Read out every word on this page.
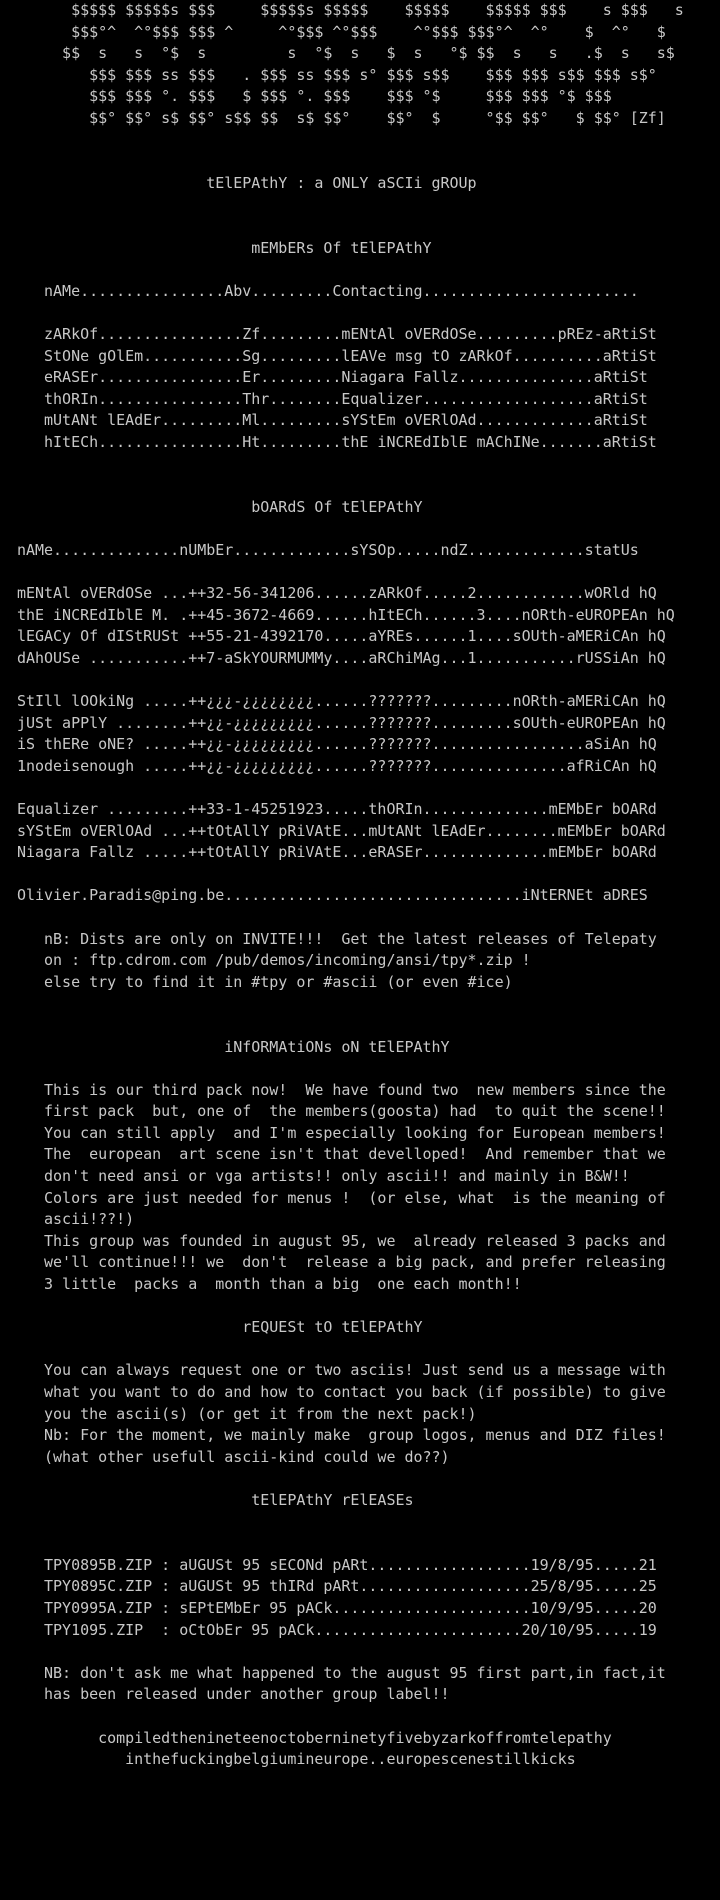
$$$$$ $$$$$s $$$     $$$$$s $$$$$    $$$$$    $$$$$ $$$    s $$$   s
$$$°^  ^°$$$ $$$ ^     ^°$$$ ^°$$$    ^°$$$ $$$°^  ^°    $  ^°   $
$$  s   s  °$  s         s  °$  s   $  s   °$ $$  s   s   .$  s   s$
$$$ $$$ ss $$$   . $$$ ss $$$ s° $$$ s$$    $$$ $$$ s$$ $$$ s$°
$$$ $$$ °. $$$   $ $$$ °. $$$    $$$ °$     $$$ $$$ °$ $$$
$$° $$° s$ $$° s$$ $$  s$ $$°    $$°  $     °$$ $$°   $ $$° [Zf]
tElEPAthY : a ONLY aSCIi gROUp
mEMbERs Of tElEPAthY
nAMe................Abv.........Contacting........................
zARkOf................Zf.........mENtAl oVERdOSe.........pREz-aRtiSt
StONe gOlEm...........Sg.........lEAVe msg tO zARkOf..........aRtiSt
eRASEr................Er.........Niagara Fallz...............aRtiSt
thORIn................Thr........Equalizer...................aRtiSt
mUtANt lEAdEr.........Ml.........sYStEm oVERlOAd.............aRtiSt
hItECh................Ht.........thE iNCREdIblE mAChINe.......aRtiSt
bOARdS Of tElEPAthY
nAMe..............nUMbEr.............sYSOp.....ndZ.............statUs
mENtAl oVERdOSe ...++32-56-341206......zARkOf.....2............wORld hQ
thE iNCREdIblE M. .++45-3672-4669......hItECh......3....nORth-eUROPEAn hQ
lEGACy Of dIStRUSt ++55-21-4392170.....aYREs......1....sOUth-aMERiCAn hQ
dAhOUSe ...........++7-aSkYOURMUMMy....aRChiMAg...1...........rUSSiAn hQ
StIll lOOkiNg .....++¿¿¿-¿¿¿¿¿¿¿¿......???????.........nORth-aMERiCAn hQ
jUSt aPPlY ........++¿¿-¿¿¿¿¿¿¿¿¿......???????.........sOUth-eUROPEAn hQ
iS thERe oNE? .....++¿¿-¿¿¿¿¿¿¿¿¿......???????.................aSiAn hQ
1nodeisenough .....++¿¿-¿¿¿¿¿¿¿¿¿......???????...............afRiCAn hQ
Equalizer .........++33-1-45251923.....thORIn..............mEMbEr bOARd
sYStEm oVERlOAd ...++tOtAllY pRiVAtE...mUtANt lEAdEr........mEMbEr bOARd
Niagara Fallz .....++tOtAllY pRiVAtE...eRASEr..............mEMbEr bOARd
Olivier.Paradis@ping.be.................................iNtERNEt aDRES
nB: Dists are only on INVITE!!!  Get the latest releases of Telepaty
on : ftp.cdrom.com /pub/demos/incoming/ansi/tpy*.zip !
else try to find it in #tpy or #ascii (or even #ice)
iNfORMAtiONs oN tElEPAthY
This is our third pack now!  We have found two  new members since the
first pack  but, one of  the members(goosta) had  to quit the scene!!
You can still apply  and I'm especially looking for European members!
The  european  art scene isn't that develloped!  And remember that we
don't need ansi or vga artists!! only ascii!! and mainly in B&W!!
Colors are just needed for menus !  (or else, what  is the meaning of
ascii!??!)
This group was founded in august 95, we  already released 3 packs and
we'll continue!!! we  don't  release a big pack, and prefer releasing
3 little  packs a  month than a big  one each month!!
rEQUESt tO tElEPAthY
You can always request one or two asciis! Just send us a message with
what you want to do and how to contact you back (if possible) to give
you the ascii(s) (or get it from the next pack!)
Nb: For the moment, we mainly make  group logos, menus and DIZ files!
(what other usefull ascii-kind could we do??)
tElEPAthY rElEASEs
TPY0895B.ZIP : aUGUSt 95 sECONd pARt..................19/8/95.....21
TPY0895C.ZIP : aUGUSt 95 thIRd pARt...................25/8/95.....25
TPY0995A.ZIP : sEPtEMbEr 95 pACk......................10/9/95.....20
TPY1095.ZIP  : oCtObEr 95 pACk.......................20/10/95.....19
NB: don't ask me what happened to the august 95 first part,in fact,it
has been released under another group label!!
compiledthenineteenoctoberninetyfivebyzarkoffromtelepathy
inthefuckingbelgiumineurope..europescenestillkicks
